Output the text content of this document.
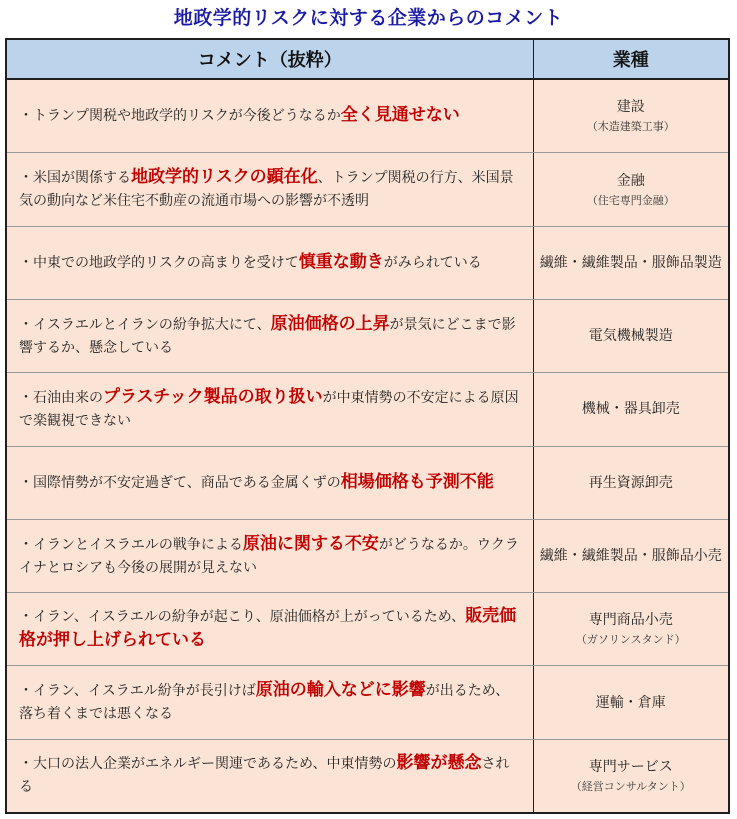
地政学的リスクに対する企業からのコメント
コメント（抜粋）	業種

・トランプ関税や地政学的リスクが今後どうなるか全く見通せない	建設
（木造建築工事）

・米国が関係する地政学的リスクの顕在化、トランプ関税の行方、米国景気の動向など米住宅不動産の流通市場への影響が不透明	金融
（住宅専門金融）

・中東での地政学的リスクの高まりを受けて慎重な動きがみられている	繊維・繊維製品・服飾品製造

・イスラエルとイランの紛争拡大にて、原油価格の上昇が景気にどこまで影響するか、懸念している	電気機械製造

・石油由来のプラスチック製品の取り扱いが中東情勢の不安定による原因で楽観視できない	機械・器具卸売

・国際情勢が不安定過ぎて、商品である金属くずの相場価格も予測不能	再生資源卸売

・イランとイスラエルの戦争による原油に関する不安がどうなるか。ウクライナとロシアも今後の展開が見えない	繊維・繊維製品・服飾品小売

・イラン、イスラエルの紛争が起こり、原油価格が上がっているため、販売価格が押し上げられている	専門商品小売
（ガソリンスタンド）

・イラン、イスラエル紛争が長引けば原油の輸入などに影響が出るため、落ち着くまでは悪くなる	運輸・倉庫

・大口の法人企業がエネルギー関連であるため、中東情勢の影響が懸念される	専門サービス
（経営コンサルタント）
